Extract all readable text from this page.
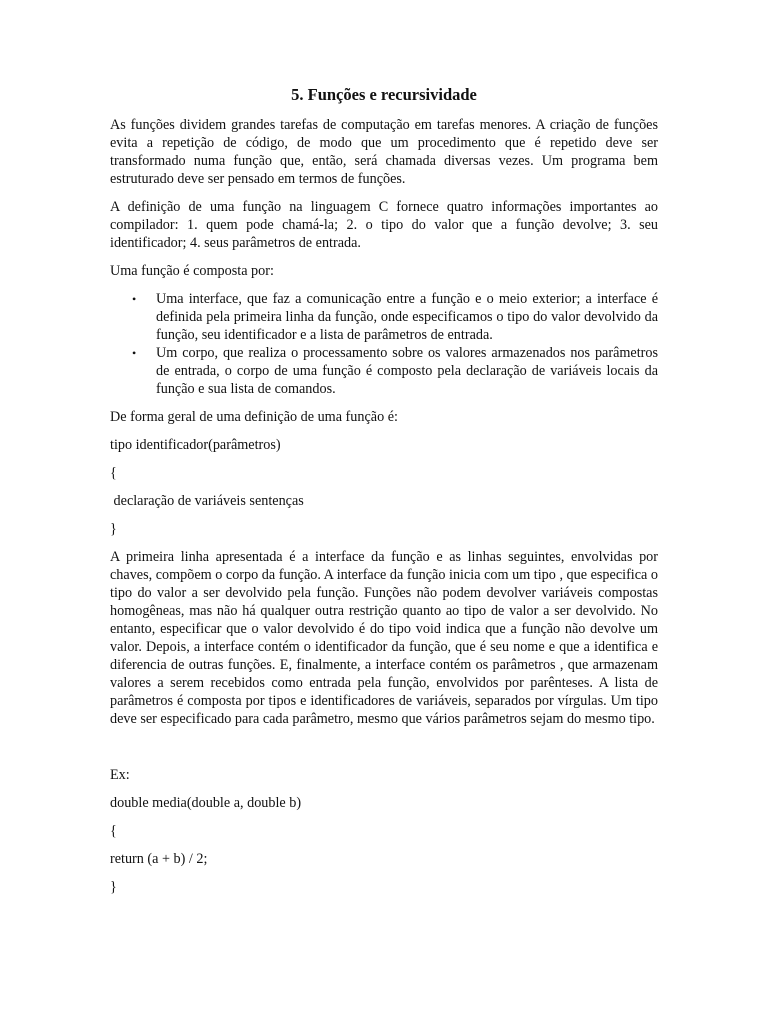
5. Funções e recursividade

As funções dividem grandes tarefas de computação em tarefas menores. A criação de funções evita a repetição de código, de modo que um procedimento que é repetido deve ser transformado numa função que, então, será chamada diversas vezes. Um programa bem estruturado deve ser pensado em termos de funções.

A definição de uma função na linguagem C fornece quatro informações importantes ao compilador: 1. quem pode chamá-la; 2. o tipo do valor que a função devolve; 3. seu identificador; 4. seus parâmetros de entrada.

Uma função é composta por:

• Uma interface, que faz a comunicação entre a função e o meio exterior; a interface é definida pela primeira linha da função, onde especificamos o tipo do valor devolvido da função, seu identificador e a lista de parâmetros de entrada.
• Um corpo, que realiza o processamento sobre os valores armazenados nos parâmetros de entrada, o corpo de uma função é composto pela declaração de variáveis locais da função e sua lista de comandos.

De forma geral de uma definição de uma função é:

tipo identificador(parâmetros)
{
declaração de variáveis sentenças
}

A primeira linha apresentada é a interface da função e as linhas seguintes, envolvidas por chaves, compõem o corpo da função. A interface da função inicia com um tipo , que especifica o tipo do valor a ser devolvido pela função. Funções não podem devolver variáveis compostas homogêneas, mas não há qualquer outra restrição quanto ao tipo de valor a ser devolvido. No entanto, especificar que o valor devolvido é do tipo void indica que a função não devolve um valor. Depois, a interface contém o identificador da função, que é seu nome e que a identifica e diferencia de outras funções. E, finalmente, a interface contém os parâmetros , que armazenam valores a serem recebidos como entrada pela função, envolvidos por parênteses. A lista de parâmetros é composta por tipos e identificadores de variáveis, separados por vírgulas. Um tipo deve ser especificado para cada parâmetro, mesmo que vários parâmetros sejam do mesmo tipo.

Ex:
double media(double a, double b)
{
return (a + b) / 2;
}
